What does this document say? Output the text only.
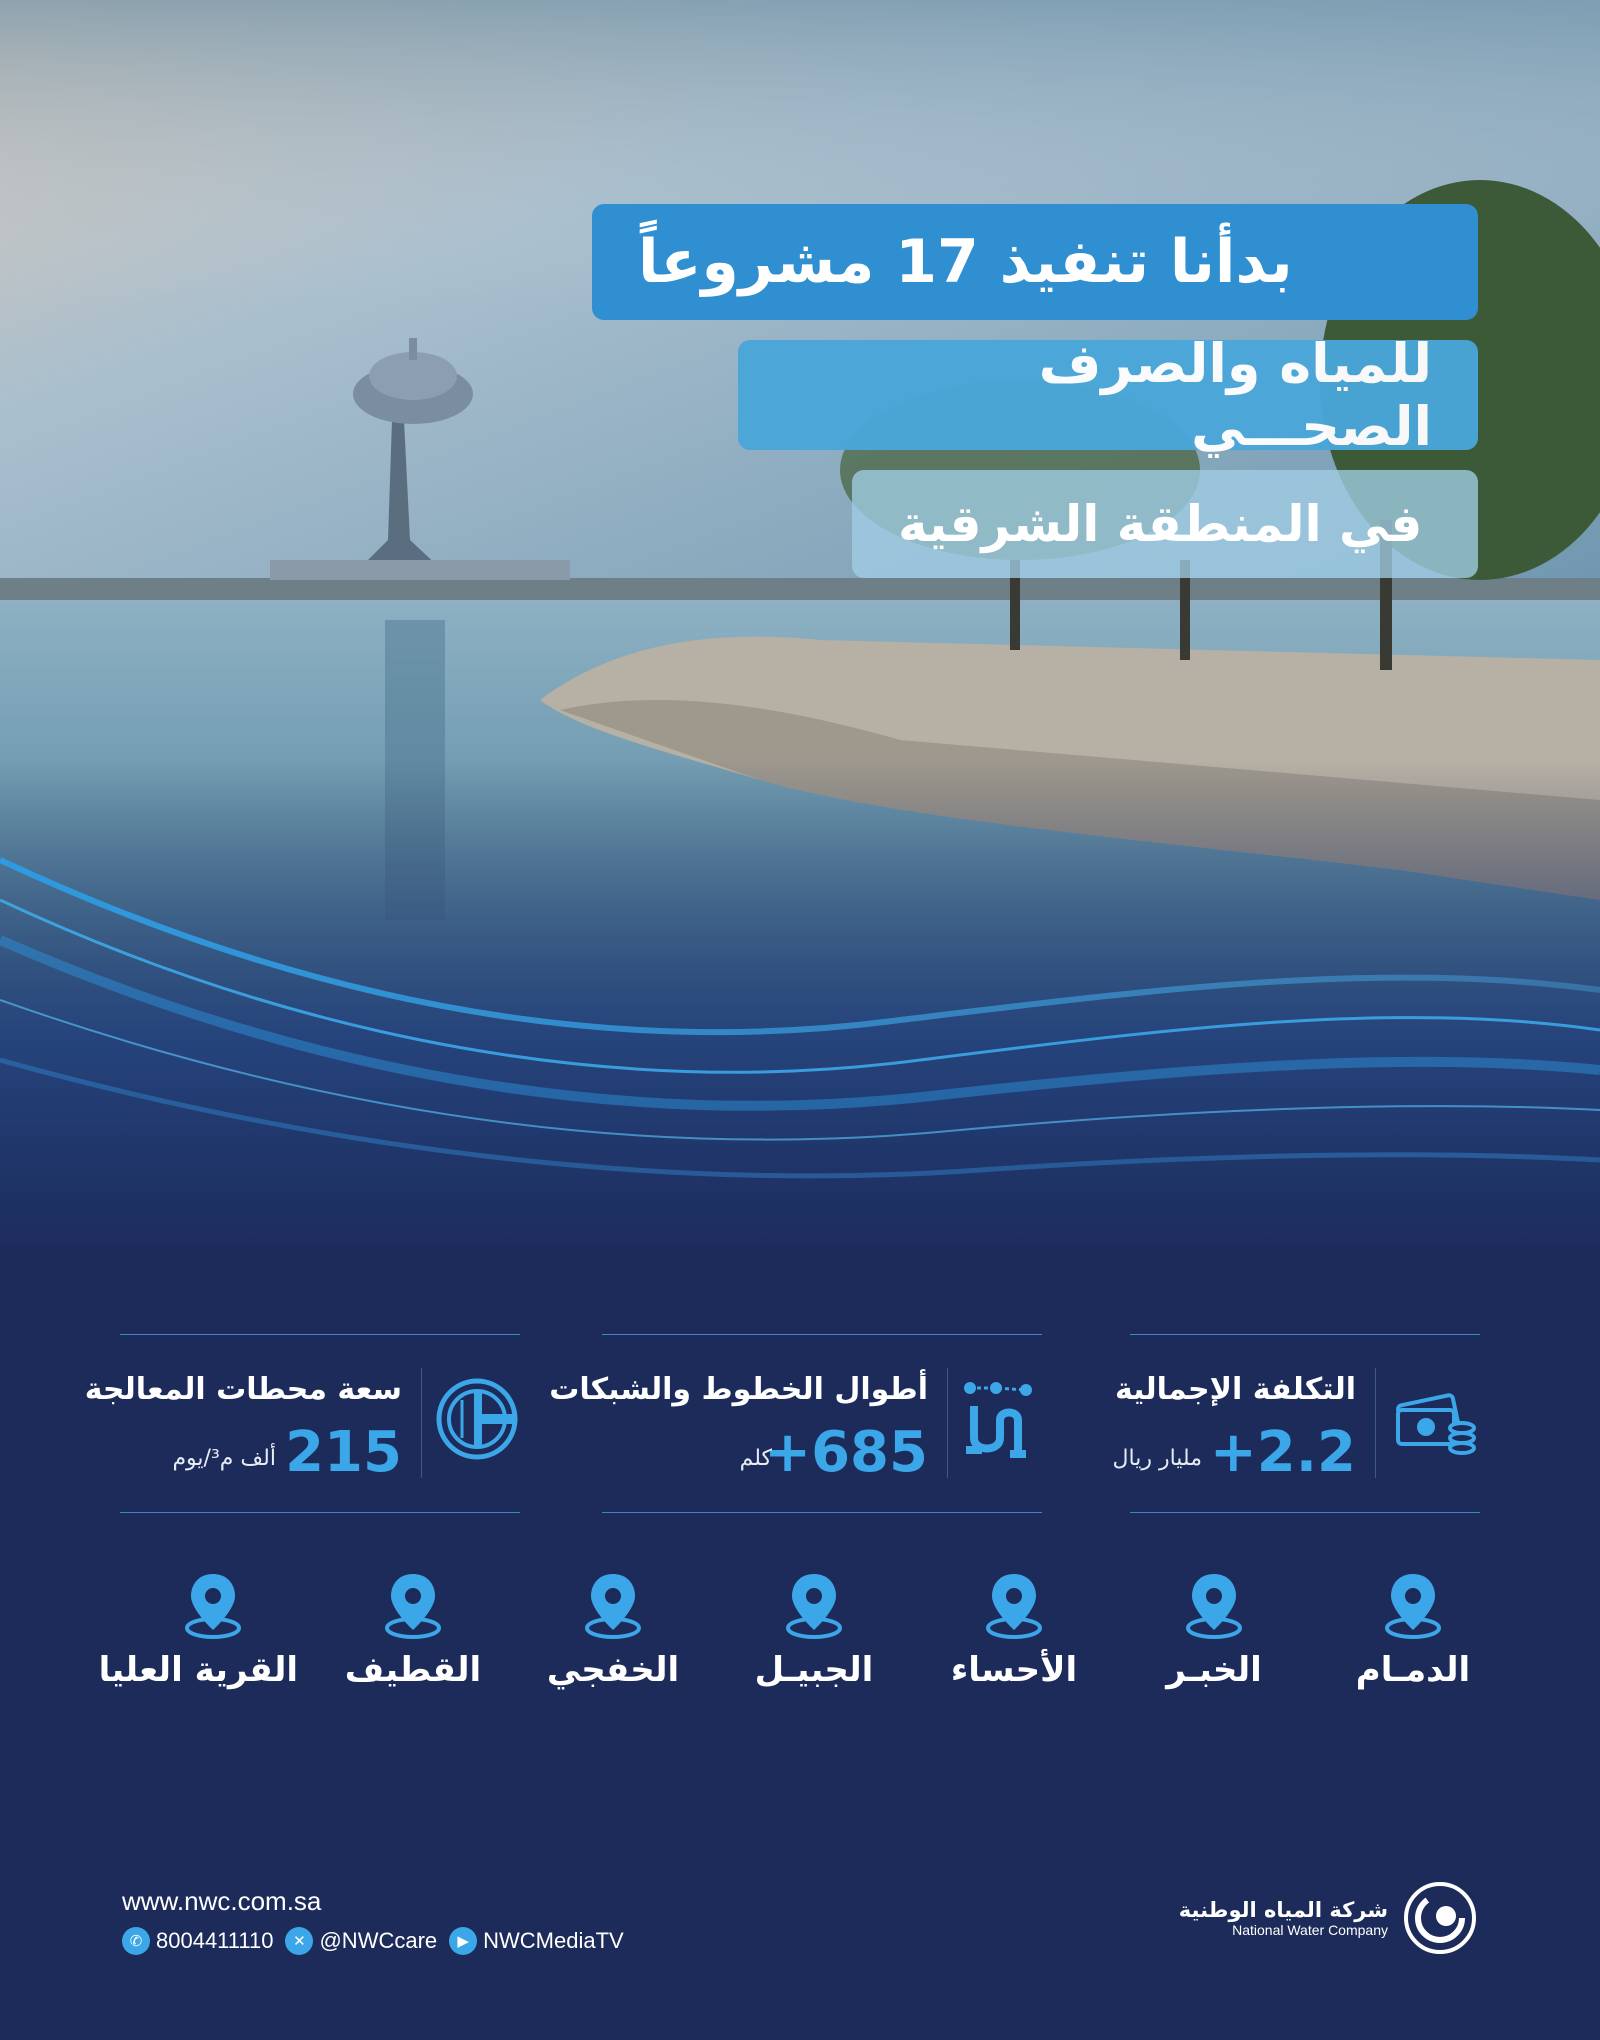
بدأنا تنفيذ 17 مشروعاً
للمياه والصرف الصحـــي
في المنطقة الشرقية
التكلفة الإجمالية
+2.2
مليار ريال
أطوال الخطوط والشبكات
+685
كلم
سعة محطات المعالجة
215
ألف م³/يوم
الدمـام
الخبـر
الأحساء
الجبيـل
الخفجي
القطيف
القرية العليا
www.nwc.com.sa
✆ 8004411110	✕ @NWCcare	▶ NWCMediaTV
شركة المياه الوطنية
National Water Company
